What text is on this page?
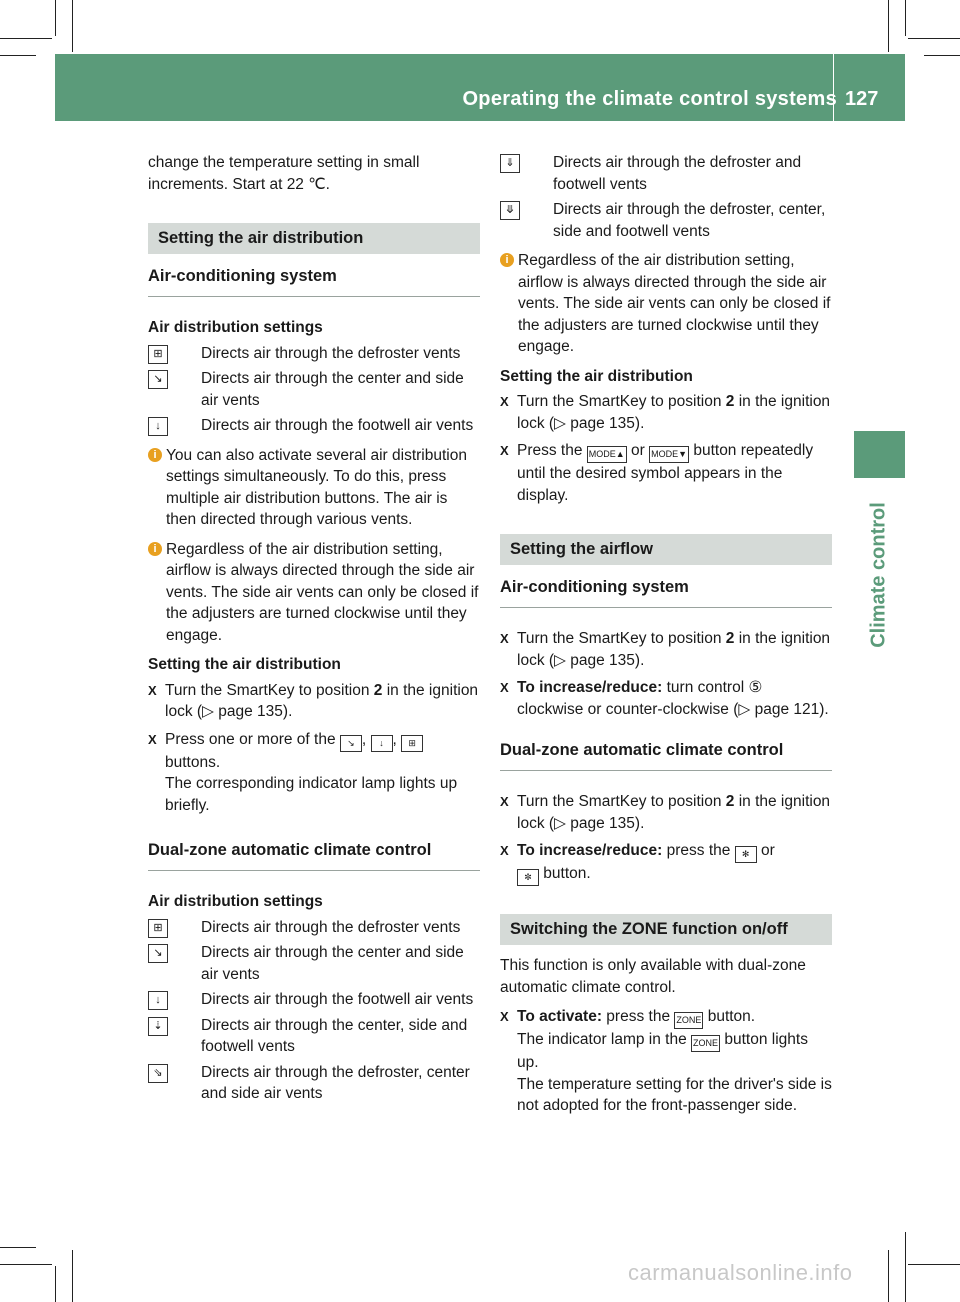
Operating the climate control systems 127
Climate control

change the temperature setting in small
increments. Start at 22 ℃.

Setting the air distribution
Air-conditioning system

Air distribution settings

⊞	Directs air through the defroster vents
↘	Directs air through the center and side air vents
↓	Directs air through the footwell air vents
i You can also activate several air distribution settings simultaneously. To do this, press multiple air distribution buttons. The air is then directed through various vents.
i Regardless of the air distribution setting, airflow is always directed through the side air vents. The side air vents can only be closed if the adjusters are turned clockwise until they engage.

Setting the air distribution

X Turn the SmartKey to position 2 in the ignition lock (▷ page 135).
X Press one or more of the ↘ , ↓ , ⊞
buttons.
The corresponding indicator lamp lights up briefly.
Dual-zone automatic climate control

Air distribution settings

⊞	Directs air through the defroster vents
↘	Directs air through the center and side air vents
↓	Directs air through the footwell air vents
⇣	Directs air through the center, side and footwell vents
⇘	Directs air through the defroster, center and side air vents
⇓	Directs air through the defroster and footwell vents
⤋	Directs air through the defroster, center, side and footwell vents
i Regardless of the air distribution setting, airflow is always directed through the side air vents. The side air vents can only be closed if the adjusters are turned clockwise until they engage.

Setting the air distribution

X Turn the SmartKey to position 2 in the ignition lock (▷ page 135).
X Press the MODE▲ or MODE▼ button repeatedly until the desired symbol appears in the display.
Setting the airflow
Air-conditioning system
X Turn the SmartKey to position 2 in the ignition lock (▷ page 135).
X To increase/reduce: turn control ⑤ clockwise or counter-clockwise (▷ page 121).
Dual-zone automatic climate control
X Turn the SmartKey to position 2 in the ignition lock (▷ page 135).
X To increase/reduce: press the ✻ or
✼ button.
Switching the ZONE function on/off

This function is only available with dual-zone automatic climate control.

X To activate: press the ZONE button.
The indicator lamp in the ZONE button lights up.
The temperature setting for the driver's side is not adopted for the front-passenger side.
carmanualsonline.info
